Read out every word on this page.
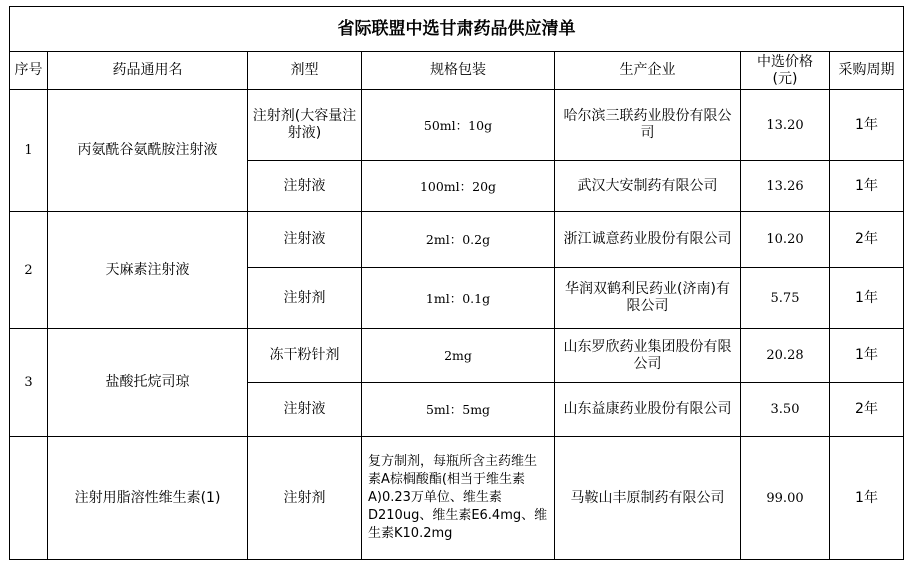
省际联盟中选甘肃药品供应清单						
序号	药品通用名	剂型	规格包装	生产企业	中选价格(元)	采购周期
1	丙氨酰谷氨酰胺注射液	注射剂(大容量注射液)	50ml：10g	哈尔滨三联药业股份有限公司	13.20	1年
		注射液	100ml：20g	武汉大安制药有限公司	13.26	1年
2	天麻素注射液	注射液	2ml：0.2g	浙江诚意药业股份有限公司	10.20	2年
		注射剂	1ml：0.1g	华润双鹤利民药业(济南)有限公司	5.75	1年
3	盐酸托烷司琼	冻干粉针剂	2mg	山东罗欣药业集团股份有限公司	20.28	1年
		注射液	5ml：5mg	山东益康药业股份有限公司	3.50	2年
	注射用脂溶性维生素(1)	注射剂	复方制剂，每瓶所含主药维生素A棕榈酸酯(相当于维生素A)0.23万单位、维生素D210ug、维生素E6.4mg、维生素K10.2mg	马鞍山丰原制药有限公司	99.00	1年
